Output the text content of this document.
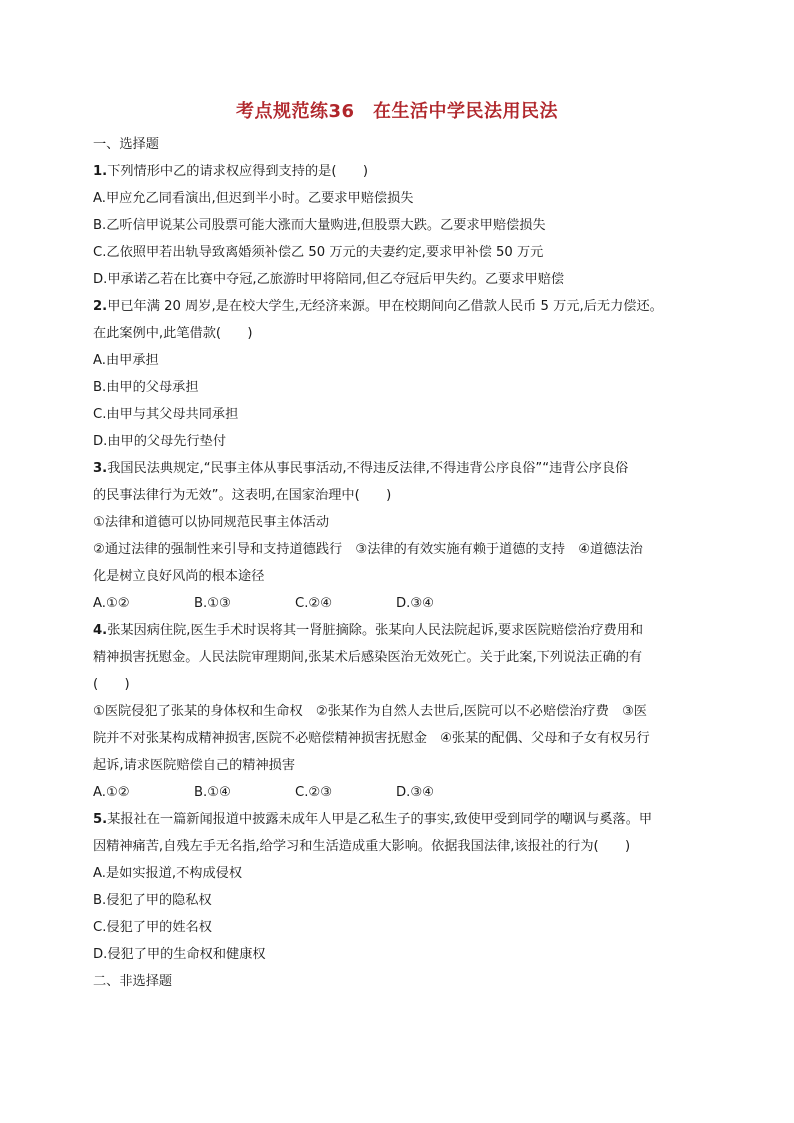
考点规范练36　在生活中学民法用民法
一、选择题
1.下列情形中乙的请求权应得到支持的是(　　)
A.甲应允乙同看演出,但迟到半小时。乙要求甲赔偿损失
B.乙听信甲说某公司股票可能大涨而大量购进,但股票大跌。乙要求甲赔偿损失
C.乙依照甲若出轨导致离婚须补偿乙 50 万元的夫妻约定,要求甲补偿 50 万元
D.甲承诺乙若在比赛中夺冠,乙旅游时甲将陪同,但乙夺冠后甲失约。乙要求甲赔偿
2.甲已年满 20 周岁,是在校大学生,无经济来源。甲在校期间向乙借款人民币 5 万元,后无力偿还。
在此案例中,此笔借款(　　)
A.由甲承担
B.由甲的父母承担
C.由甲与其父母共同承担
D.由甲的父母先行垫付
3.我国民法典规定,“民事主体从事民事活动,不得违反法律,不得违背公序良俗”“违背公序良俗
的民事法律行为无效”。这表明,在国家治理中(　　)
①法律和道德可以协同规范民事主体活动
②通过法律的强制性来引导和支持道德践行　③法律的有效实施有赖于道德的支持　④道德法治
化是树立良好风尚的根本途径
A.①②	B.①③	C.②④	D.③④
4.张某因病住院,医生手术时误将其一肾脏摘除。张某向人民法院起诉,要求医院赔偿治疗费用和
精神损害抚慰金。人民法院审理期间,张某术后感染医治无效死亡。关于此案,下列说法正确的有
(　　)
①医院侵犯了张某的身体权和生命权　②张某作为自然人去世后,医院可以不必赔偿治疗费　③医
院并不对张某构成精神损害,医院不必赔偿精神损害抚慰金　④张某的配偶、父母和子女有权另行
起诉,请求医院赔偿自己的精神损害
A.①②	B.①④	C.②③	D.③④
5.某报社在一篇新闻报道中披露未成年人甲是乙私生子的事实,致使甲受到同学的嘲讽与奚落。甲
因精神痛苦,自残左手无名指,给学习和生活造成重大影响。依据我国法律,该报社的行为(　　)
A.是如实报道,不构成侵权
B.侵犯了甲的隐私权
C.侵犯了甲的姓名权
D.侵犯了甲的生命权和健康权
二、非选择题
